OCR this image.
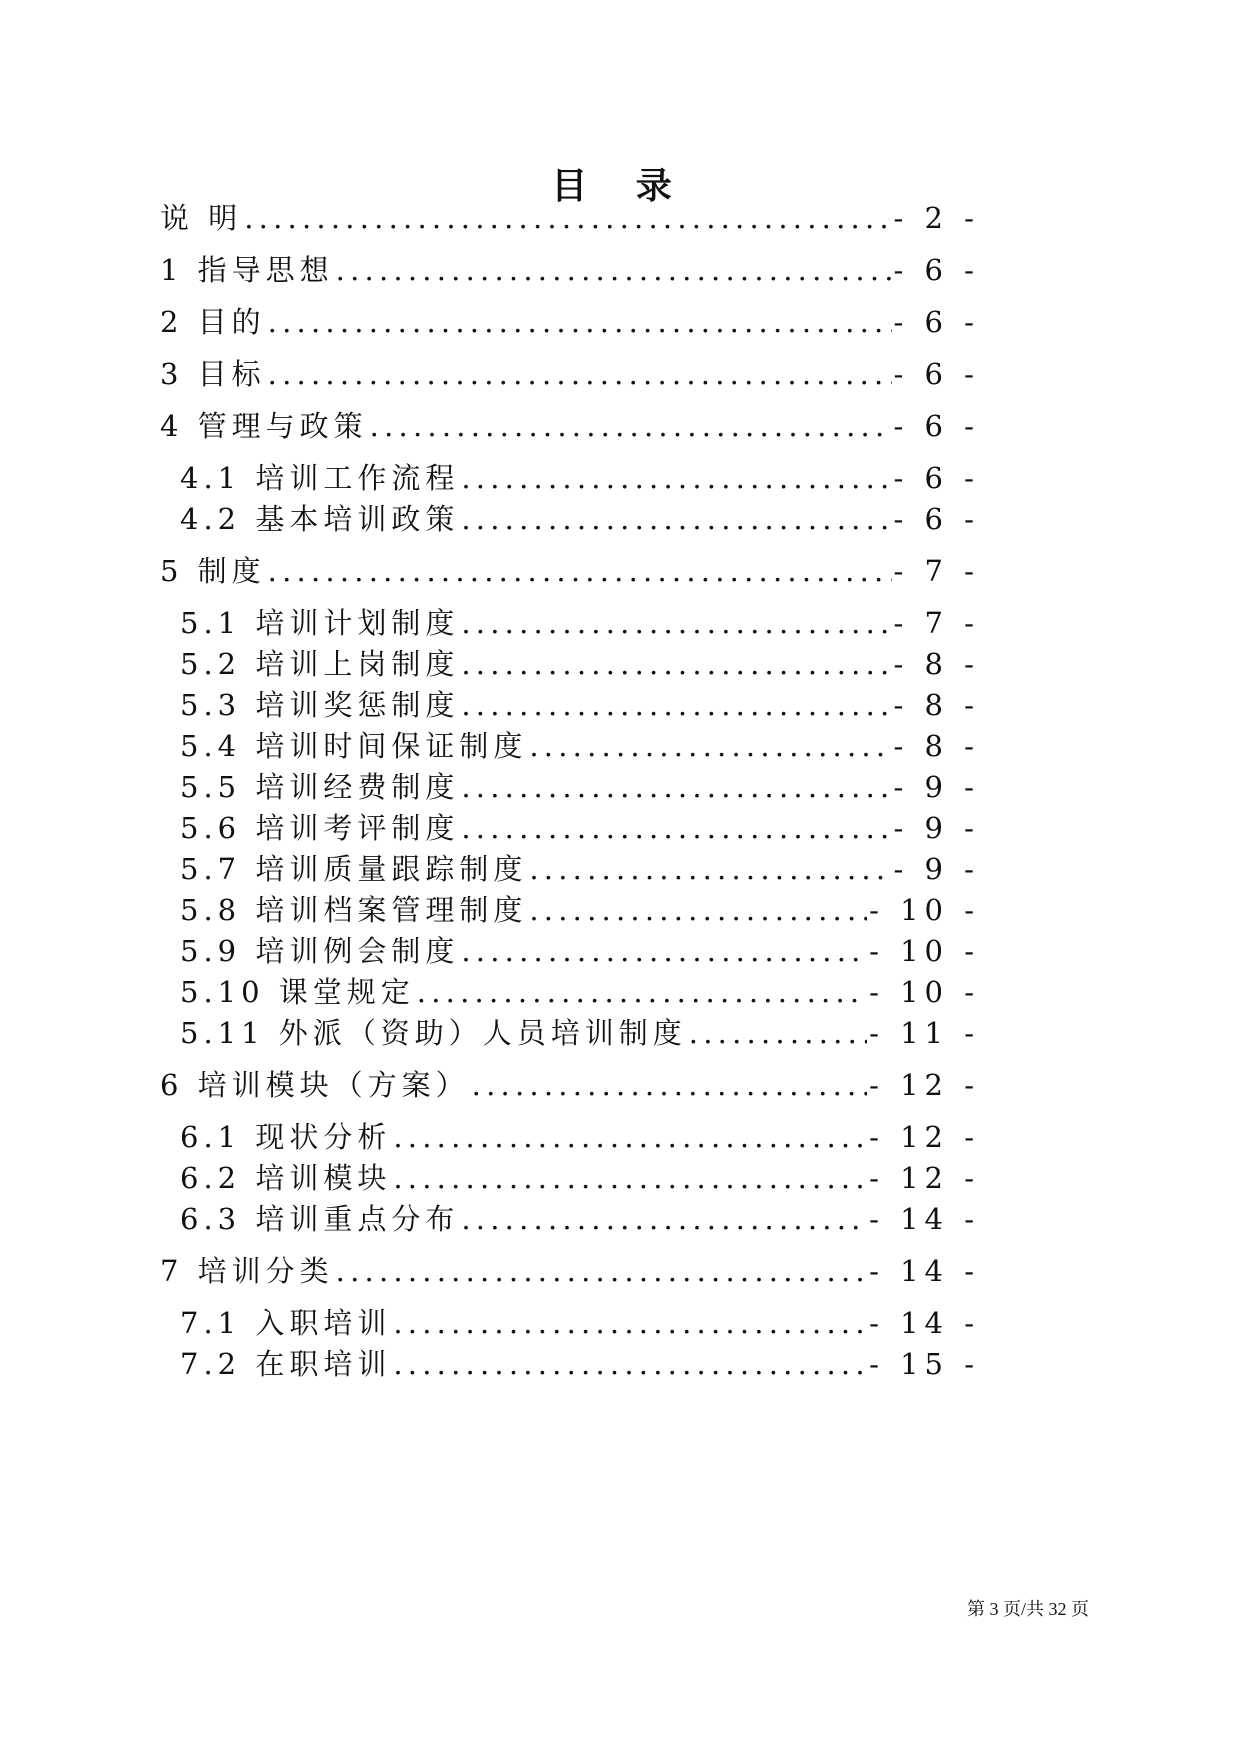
目 录
说 明 . . .	- 2 -
1 指导思想 . . .	- 6 -
2 目的 . . .	- 6 -
3 目标 . . .	- 6 -
4 管理与政策 . . .	- 6 -
4.1 培训工作流程 . . .	- 6 -
4.2 基本培训政策 . . .	- 6 -
5 制度 . . .	- 7 -
5.1 培训计划制度 . . .	- 7 -
5.2 培训上岗制度 . . .	- 8 -
5.3 培训奖惩制度 . . .	- 8 -
5.4 培训时间保证制度 . . .	- 8 -
5.5 培训经费制度 . . .	- 9 -
5.6 培训考评制度 . . .	- 9 -
5.7 培训质量跟踪制度 . . .	- 9 -
5.8 培训档案管理制度 . . .	- 10 -
5.9 培训例会制度 . . .	- 10 -
5.10 课堂规定 . . .	- 10 -
5.11 外派（资助）人员培训制度 . . .	- 11 -
6 培训模块（方案） . . .	- 12 -
6.1 现状分析 . . .	- 12 -
6.2 培训模块 . . .	- 12 -
6.3 培训重点分布 . . .	- 14 -
7 培训分类 . . .	- 14 -
7.1 入职培训 . . .	- 14 -
7.2 在职培训 . . .	- 15 -
第 3 页/共 32 页
